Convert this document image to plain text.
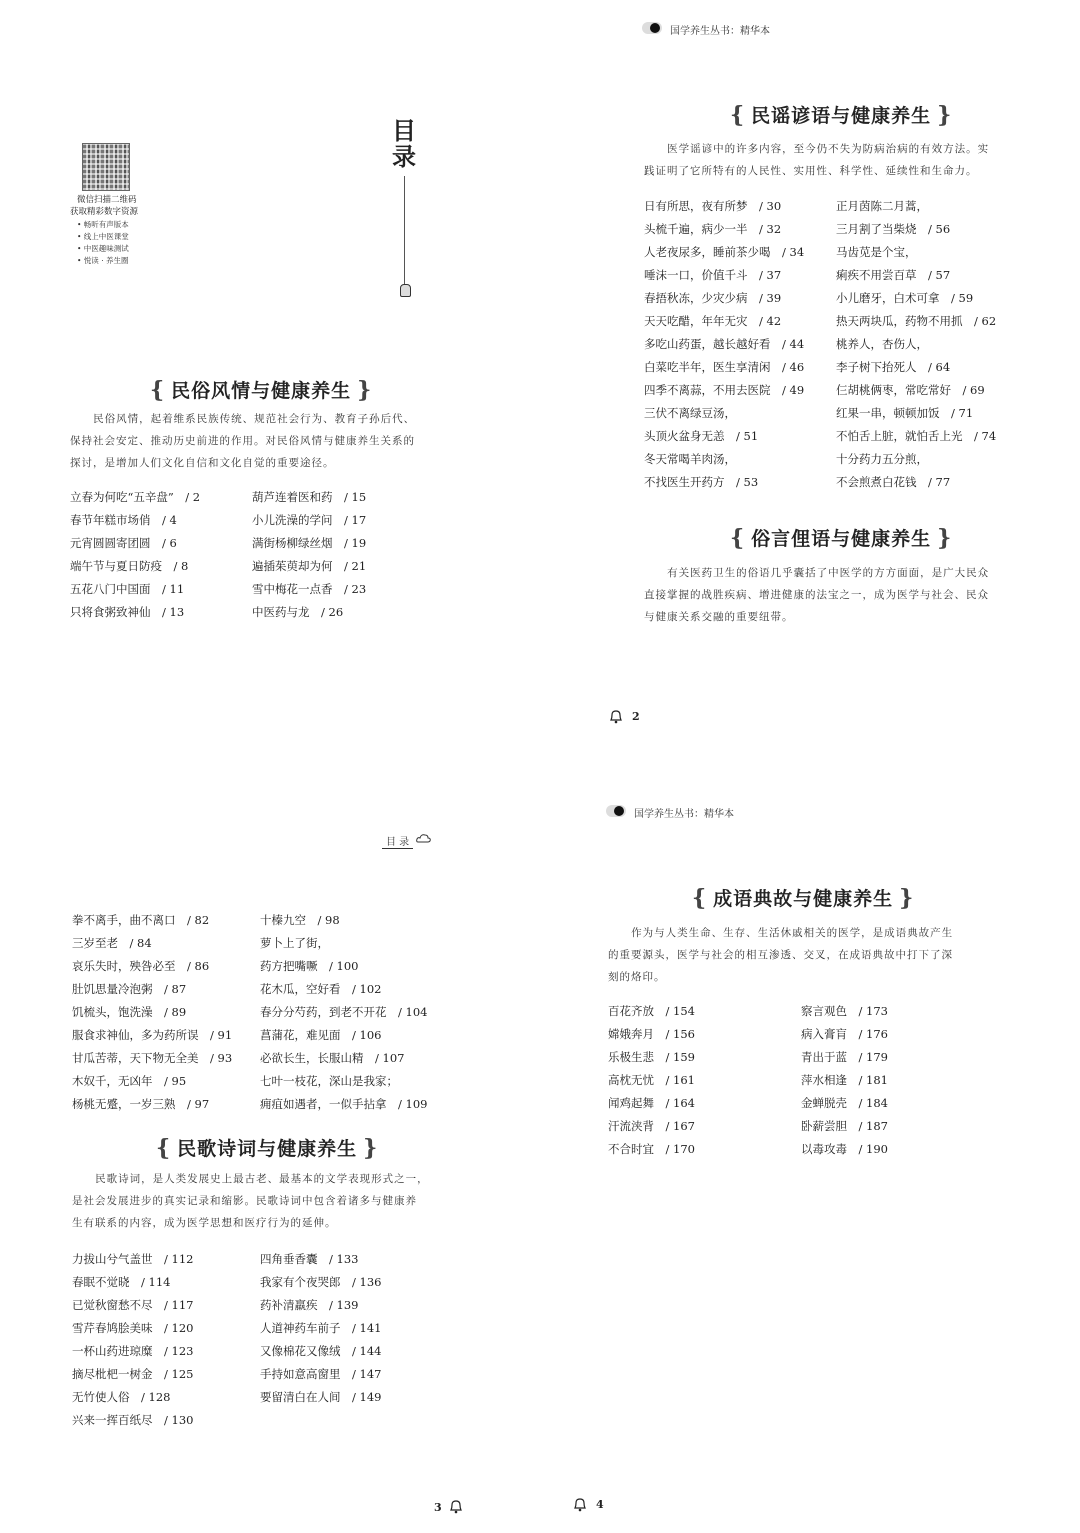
微信扫描二维码
获取精彩数字资源
• 畅听有声版本
• 线上中医课堂
• 中医趣味测试
• 悦读 · 养生圈
目
录
{ 民俗风情与健康养生 }

民俗风情，起着维系民族传统、规范社会行为、教育子孙后代、

保持社会安定、推动历史前进的作用。对民俗风情与健康养生关系的
探讨，是增加人们文化自信和文化自觉的重要途径。
立春为何吃“五辛盘”　/ 2
春节年糕市场俏　/ 4
元宵圆圆寄团圆　/ 6
端午节与夏日防疫　/ 8
五花八门中国面　/ 11
只将食粥致神仙　/ 13
葫芦连着医和药　/ 15
小儿洗澡的学问　/ 17
满街杨柳绿丝烟　/ 19
遍插茱萸却为何　/ 21
雪中梅花一点香　/ 23
中医药与龙　/ 26
国学养生丛书：精华本
{ 民谣谚语与健康养生 }

医学谣谚中的许多内容，至今仍不失为防病治病的有效方法。实

践证明了它所特有的人民性、实用性、科学性、延续性和生命力。
日有所思，夜有所梦　/ 30
头梳千遍，病少一半　/ 32
人老夜尿多，睡前茶少喝　/ 34
唾沫一口，价值千斗　/ 37
春捂秋冻，少灾少病　/ 39
天天吃醋，年年无灾　/ 42
多吃山药蛋，越长越好看　/ 44
白菜吃半年，医生享清闲　/ 46
四季不离蒜，不用去医院　/ 49
三伏不离绿豆汤，
头顶火盆身无恙　/ 51
冬天常喝羊肉汤，
不找医生开药方　/ 53
正月茵陈二月蒿，
三月割了当柴烧　/ 56
马齿苋是个宝，
痢疾不用尝百草　/ 57
小儿磨牙，白术可拿　/ 59
热天两块瓜，药物不用抓　/ 62
桃养人，杏伤人，
李子树下抬死人　/ 64
仨胡桃俩枣，常吃常好　/ 69
红果一串，顿顿加饭　/ 71
不怕舌上脏，就怕舌上光　/ 74
十分药力五分煎，
不会煎煮白花钱　/ 77
{ 俗言俚语与健康养生 }

有关医药卫生的俗语几乎囊括了中医学的方方面面，是广大民众

直接掌握的战胜疾病、增进健康的法宝之一，成为医学与社会、民众
与健康关系交融的重要纽带。
2
目 录
拳不离手，曲不离口　/ 82
三岁至老　/ 84
哀乐失时，殃咎必至　/ 86
肚饥思量冷泡粥　/ 87
饥梳头，饱洗澡　/ 89
服食求神仙，多为药所误　/ 91
甘瓜苦蒂，天下物无全美　/ 93
木奴千，无凶年　/ 95
杨桃无蹙，一岁三熟　/ 97
十榛九空　/ 98
萝卜上了街，
药方把嘴噘　/ 100
花木瓜，空好看　/ 102
春分分芍药，到老不开花　/ 104
菖蒲花，难见面　/ 106
必欲长生，长服山精　/ 107
七叶一枝花，深山是我家；
痈疽如遇者，一似手拈拿　/ 109
{ 民歌诗词与健康养生 }

民歌诗词，是人类发展史上最古老、最基本的文学表现形式之一，

是社会发展进步的真实记录和缩影。民歌诗词中包含着诸多与健康养
生有联系的内容，成为医学思想和医疗行为的延伸。
力拔山兮气盖世　/ 112
春眠不觉晓　/ 114
已觉秋窗愁不尽　/ 117
雪芹春鸠脍美味　/ 120
一杯山药进琼糜　/ 123
摘尽枇杷一树金　/ 125
无竹使人俗　/ 128
兴来一挥百纸尽　/ 130
四角垂香囊　/ 133
我家有个夜哭郎　/ 136
药补清羸疾　/ 139
人道神药车前子　/ 141
又像棉花又像绒　/ 144
手持如意高窗里　/ 147
要留清白在人间　/ 149
3
国学养生丛书：精华本
{ 成语典故与健康养生 }

作为与人类生命、生存、生活休戚相关的医学，是成语典故产生

的重要源头，医学与社会的相互渗透、交叉，在成语典故中打下了深
刻的烙印。
百花齐放　/ 154
嫦娥奔月　/ 156
乐极生悲　/ 159
高枕无忧　/ 161
闻鸡起舞　/ 164
汗流浃背　/ 167
不合时宜　/ 170
察言观色　/ 173
病入膏肓　/ 176
青出于蓝　/ 179
萍水相逢　/ 181
金蝉脱壳　/ 184
卧薪尝胆　/ 187
以毒攻毒　/ 190
4
